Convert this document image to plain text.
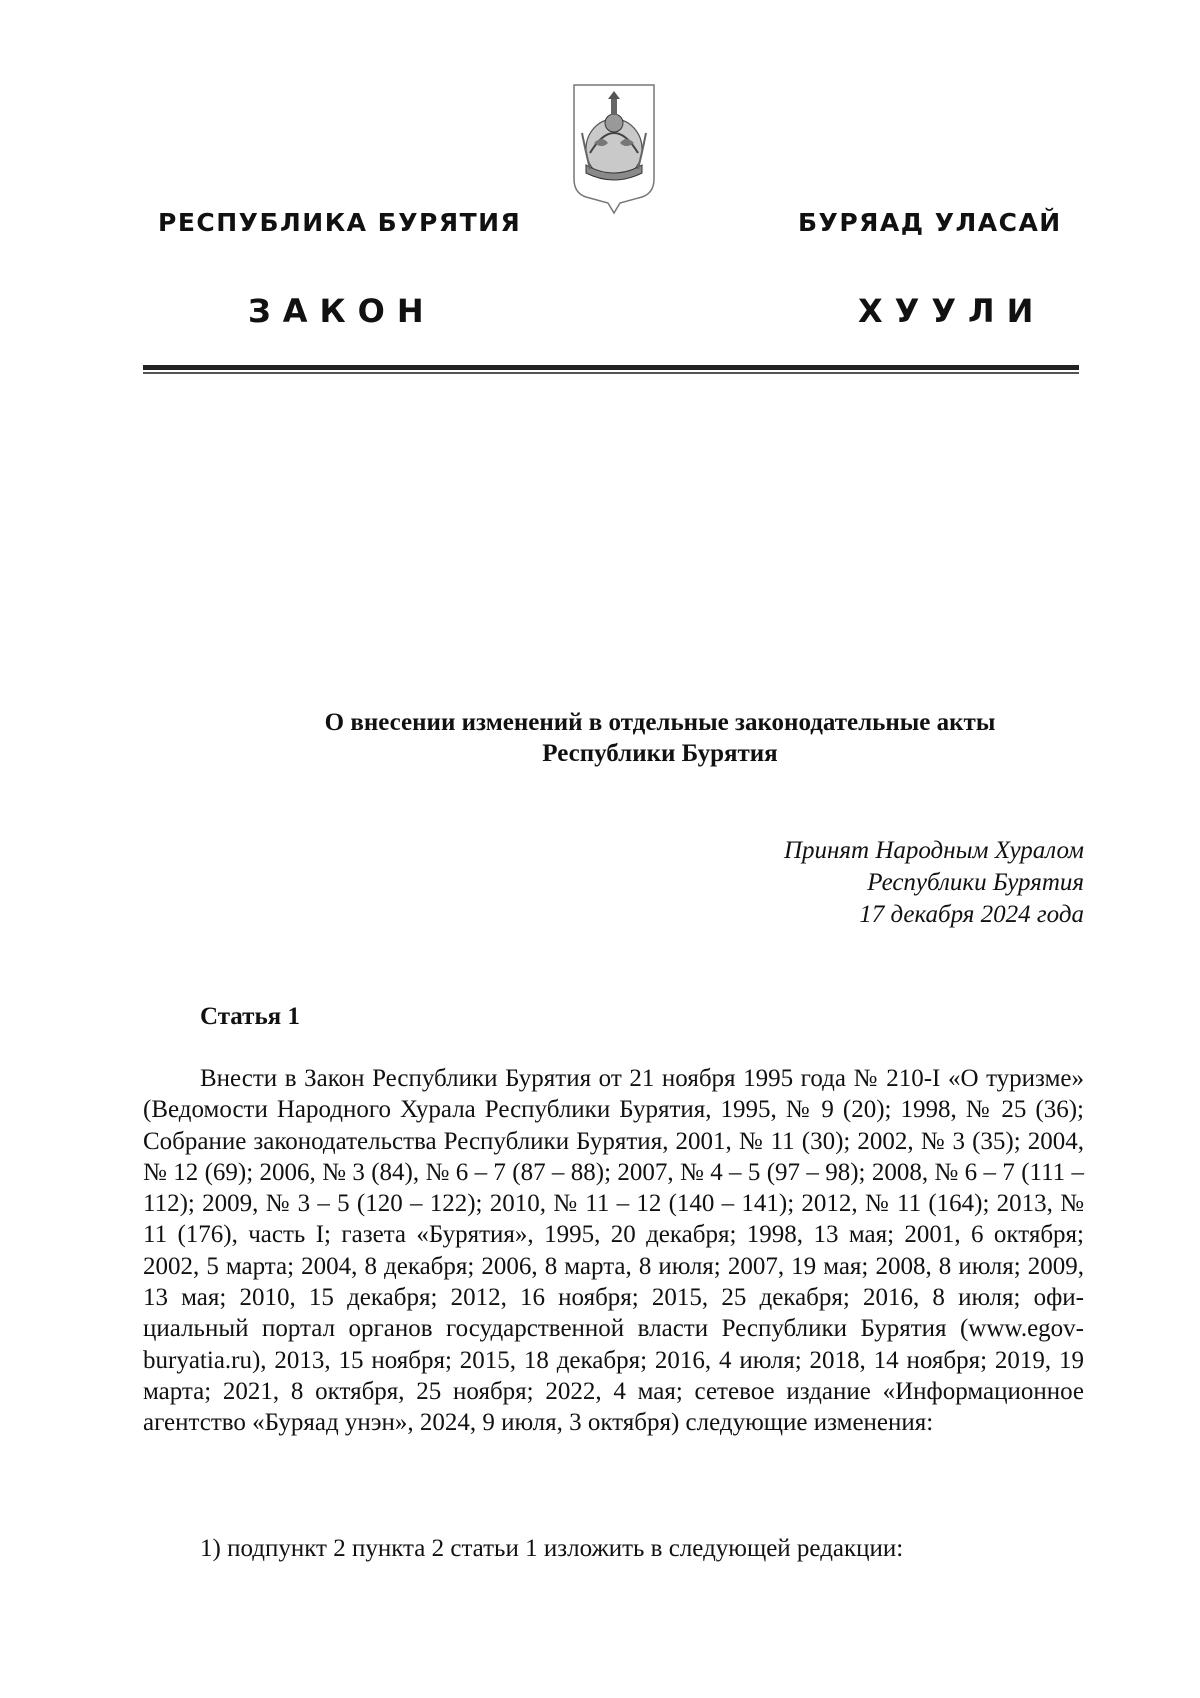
РЕСПУБЛИКА БУРЯТИЯ	БУРЯАД УЛАСАЙ
ЗАКОН	ХУУЛИ
О внесении изменений в отдельные законодательные акты
Республики Бурятия
Принят Народным Хуралом
Республики Бурятия
17 декабря 2024 года
Статья 1

Внести в Закон Республики Бурятия от 21 ноября 1995 года № 210-I «О туризме» (Ведомости Народного Хурала Республики Бурятия, 1995, № 9 (20); 1998, № 25 (36); Собрание законодательства Республики Бурятия, 2001, № 11 (30); 2002, № 3 (35); 2004, № 12 (69); 2006, № 3 (84), № 6 – 7 (87 – 88); 2007, № 4 – 5 (97 – 98); 2008, № 6 – 7 (111 – 112); 2009, № 3 – 5 (120 – 122); 2010, № 11 – 12 (140 – 141); 2012, № 11 (164); 2013, № 11 (176), часть I; газета «Бурятия», 1995, 20 декабря; 1998, 13 мая; 2001, 6 октября; 2002, 5 марта; 2004, 8 декабря; 2006, 8 марта, 8 июля; 2007, 19 мая; 2008, 8 июля; 2009, 13 мая; 2010, 15 декабря; 2012, 16 ноября; 2015, 25 декабря; 2016, 8 июля; официальный портал органов государственной власти Республики Бурятия (www.egov-buryatia.ru), 2013, 15 ноября; 2015, 18 декабря; 2016, 4 июля; 2018, 14 ноября; 2019, 19 марта; 2021, 8 октября, 25 ноября; 2022, 4 мая; сетевое издание «Информационное агентство «Буряад унэн», 2024, 9 июля, 3 октября) следующие изменения:

1) подпункт 2 пункта 2 статьи 1 изложить в следующей редакции:
